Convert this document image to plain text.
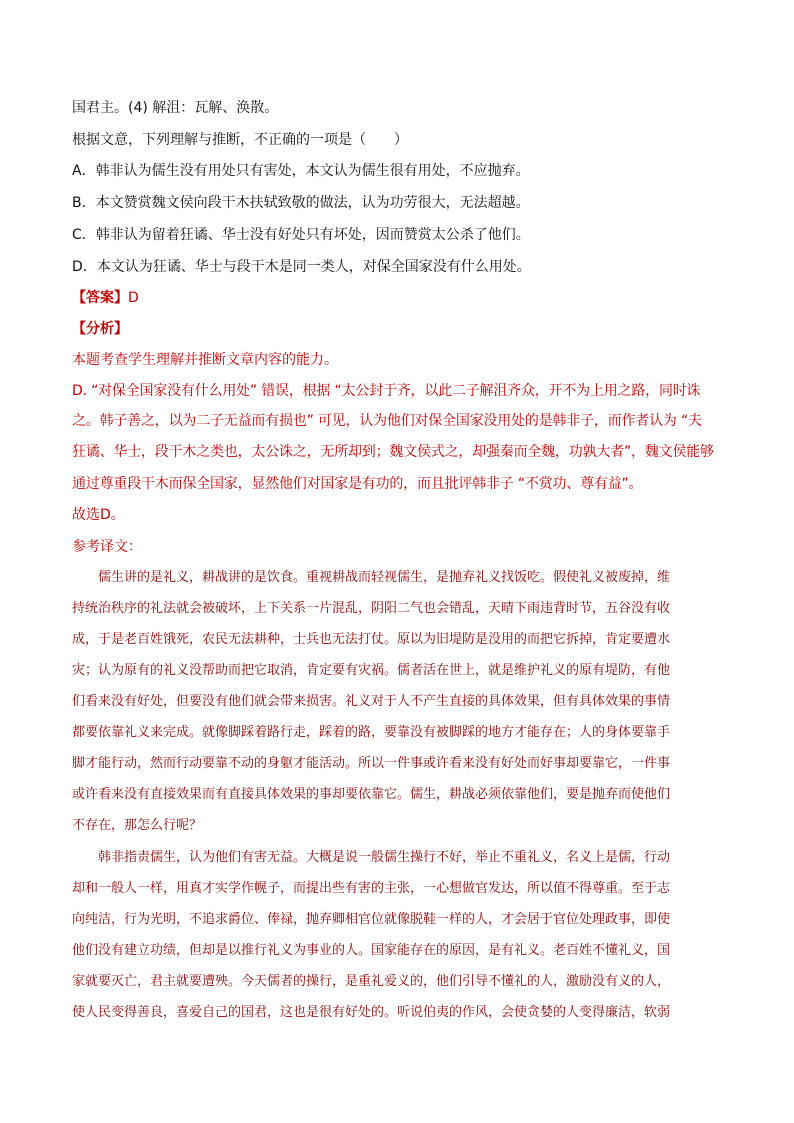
国君主。(4) 解沮：瓦解、涣散。
根据文意，下列理解与推断，不正确的一项是（　　）
A．韩非认为儒生没有用处只有害处，本文认为儒生很有用处，不应抛弃。
B．本文赞赏魏文侯向段干木扶轼致敬的做法，认为功劳很大，无法超越。
C．韩非认为留着狂谲、华士没有好处只有坏处，因而赞赏太公杀了他们。
D．本文认为狂谲、华士与段干木是同一类人，对保全国家没有什么用处。
【答案】D
【分析】
本题考查学生理解并推断文章内容的能力。
D. “对保全国家没有什么用处” 错误，根据 “太公封于齐，以此二子解沮齐众，开不为上用之路，同时诛
之。韩子善之，以为二子无益而有损也” 可见，认为他们对保全国家没用处的是韩非子，而作者认为 “夫
狂谲、华士，段干木之类也，太公诛之，无所却到；魏文侯式之，却强秦而全魏，功孰大者”，魏文侯能够
通过尊重段干木而保全国家，显然他们对国家是有功的，而且批评韩非子 “不赏功、尊有益”。
故选D。
参考译文：
　　儒生讲的是礼义，耕战讲的是饮食。重视耕战而轻视儒生，是抛弃礼义找饭吃。假使礼义被废掉，维
持统治秩序的礼法就会被破坏，上下关系一片混乱，阴阳二气也会错乱，天晴下雨违背时节，五谷没有收
成，于是老百姓饿死，农民无法耕种，士兵也无法打仗。原以为旧堤防是没用的而把它拆掉，肯定要遭水
灾；认为原有的礼义没帮助而把它取消，肯定要有灾祸。儒者活在世上，就是维护礼义的原有堤防，有他
们看来没有好处，但要没有他们就会带来损害。礼义对于人不产生直接的具体效果，但有具体效果的事情
都要依靠礼义来完成。就像脚踩着路行走，踩着的路，要靠没有被脚踩的地方才能存在；人的身体要靠手
脚才能行动，然而行动要靠不动的身躯才能活动。所以一件事或许看来没有好处而好事却要靠它，一件事
或许看来没有直接效果而有直接具体效果的事却要依靠它。儒生，耕战必须依靠他们，要是抛弃而使他们
不存在，那怎么行呢？
　　韩非指责儒生，认为他们有害无益。大概是说一般儒生操行不好，举止不重礼义，名义上是儒，行动
却和一般人一样，用真才实学作幌子，而提出些有害的主张，一心想做官发达，所以值不得尊重。至于志
向纯洁，行为光明，不追求爵位、俸禄，抛弃卿相官位就像脱鞋一样的人，才会居于官位处理政事，即使
他们没有建立功绩，但却是以推行礼义为事业的人。国家能存在的原因，是有礼义。老百姓不懂礼义，国
家就要灭亡，君主就要遭殃。今天儒者的操行，是重礼爱义的，他们引导不懂礼的人，激励没有义的人，
使人民变得善良，喜爱自己的国君，这也是很有好处的。听说伯夷的作风，会使贪婪的人变得廉洁，软弱
